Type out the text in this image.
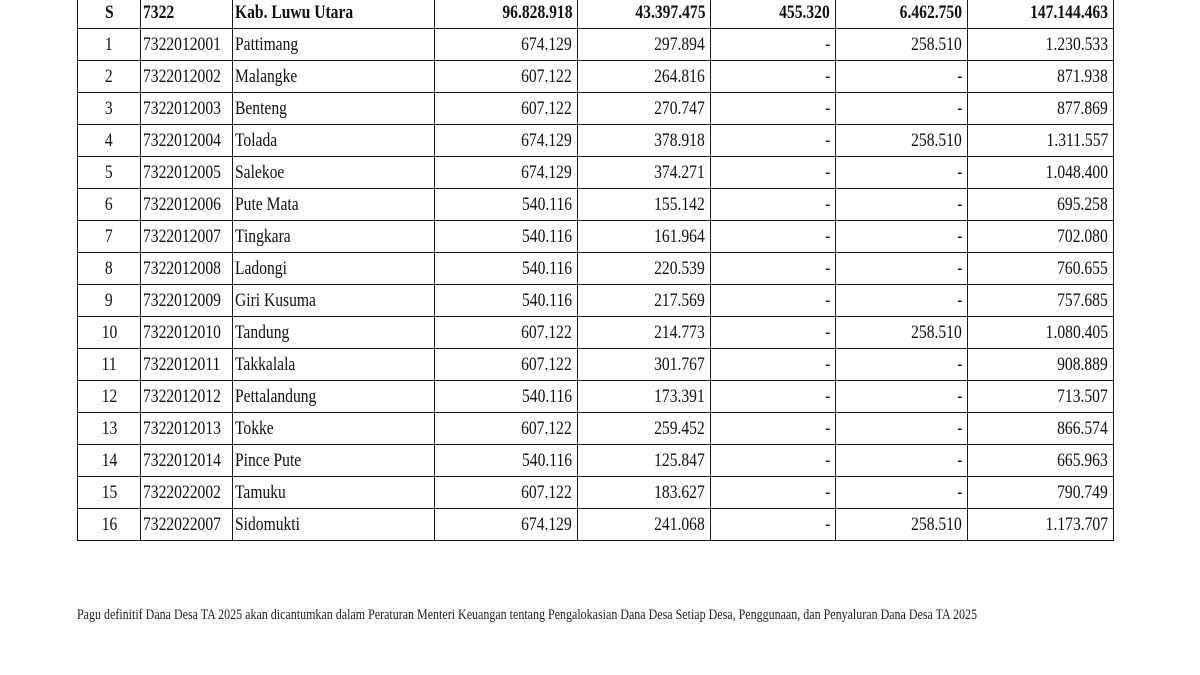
S	7322	Kab. Luwu Utara	96.828.918	43.397.475	455.320	6.462.750	147.144.463
1	7322012001	Pattimang	674.129	297.894	-	258.510	1.230.533
2	7322012002	Malangke	607.122	264.816	-	-	871.938
3	7322012003	Benteng	607.122	270.747	-	-	877.869
4	7322012004	Tolada	674.129	378.918	-	258.510	1.311.557
5	7322012005	Salekoe	674.129	374.271	-	-	1.048.400
6	7322012006	Pute Mata	540.116	155.142	-	-	695.258
7	7322012007	Tingkara	540.116	161.964	-	-	702.080
8	7322012008	Ladongi	540.116	220.539	-	-	760.655
9	7322012009	Giri Kusuma	540.116	217.569	-	-	757.685
10	7322012010	Tandung	607.122	214.773	-	258.510	1.080.405
11	7322012011	Takkalala	607.122	301.767	-	-	908.889
12	7322012012	Pettalandung	540.116	173.391	-	-	713.507
13	7322012013	Tokke	607.122	259.452	-	-	866.574
14	7322012014	Pince Pute	540.116	125.847	-	-	665.963
15	7322022002	Tamuku	607.122	183.627	-	-	790.749
16	7322022007	Sidomukti	674.129	241.068	-	258.510	1.173.707
Pagu definitif Dana Desa TA 2025 akan dicantumkan dalam Peraturan Menteri Keuangan tentang Pengalokasian Dana Desa Setiap Desa, Penggunaan, dan Penyaluran Dana Desa TA 2025
